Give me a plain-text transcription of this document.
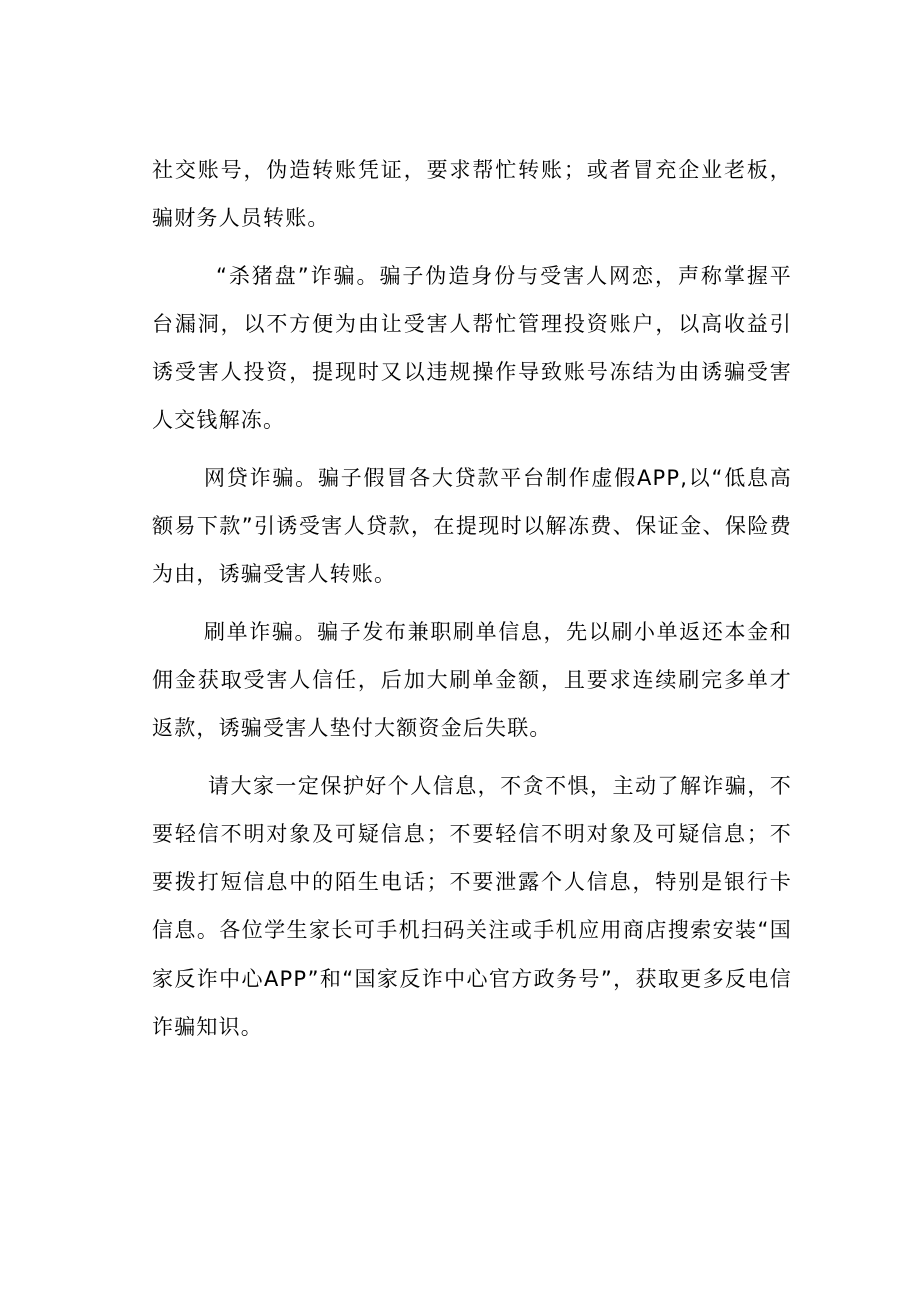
社交账号，伪造转账凭证，要求帮忙转账；或者冒充企业老板，骗财务人员转账。

“杀猪盘”诈骗。骗子伪造身份与受害人网恋，声称掌握平台漏洞，以不方便为由让受害人帮忙管理投资账户，以高收益引诱受害人投资，提现时又以违规操作导致账号冻结为由诱骗受害人交钱解冻。

网贷诈骗。骗子假冒各大贷款平台制作虚假APP,以“低息高额易下款”引诱受害人贷款，在提现时以解冻费、保证金、保险费为由，诱骗受害人转账。

刷单诈骗。骗子发布兼职刷单信息，先以刷小单返还本金和佣金获取受害人信任，后加大刷单金额，且要求连续刷完多单才返款，诱骗受害人垫付大额资金后失联。

请大家一定保护好个人信息，不贪不惧，主动了解诈骗，不要轻信不明对象及可疑信息；不要轻信不明对象及可疑信息；不要拨打短信息中的陌生电话；不要泄露个人信息，特别是银行卡信息。各位学生家长可手机扫码关注或手机应用商店搜索安装“国家反诈中心APP”和“国家反诈中心官方政务号”，获取更多反电信诈骗知识。
